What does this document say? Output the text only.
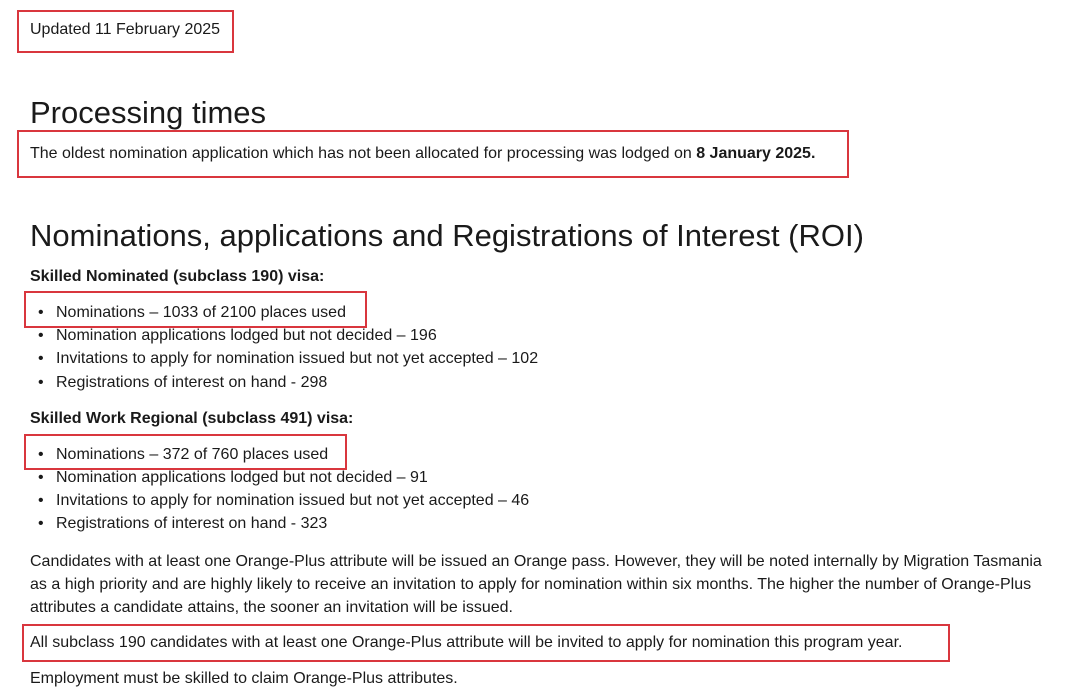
Updated 11 February 2025
Processing times
The oldest nomination application which has not been allocated for processing was lodged on 8 January 2025.
Nominations, applications and Registrations of Interest (ROI)
Skilled Nominated (subclass 190) visa:
• Nominations – 1033 of 2100 places used
• Nomination applications lodged but not decided – 196
• Invitations to apply for nomination issued but not yet accepted – 102
• Registrations of interest on hand - 298
Skilled Work Regional (subclass 491) visa:
• Nominations – 372 of 760 places used
• Nomination applications lodged but not decided – 91
• Invitations to apply for nomination issued but not yet accepted – 46
• Registrations of interest on hand - 323
Candidates with at least one Orange-Plus attribute will be issued an Orange pass. However, they will be noted internally by Migration Tasmania as a high priority and are highly likely to receive an invitation to apply for nomination within six months. The higher the number of Orange-Plus attributes a candidate attains, the sooner an invitation will be issued.
All subclass 190 candidates with at least one Orange-Plus attribute will be invited to apply for nomination this program year.
Employment must be skilled to claim Orange-Plus attributes.
